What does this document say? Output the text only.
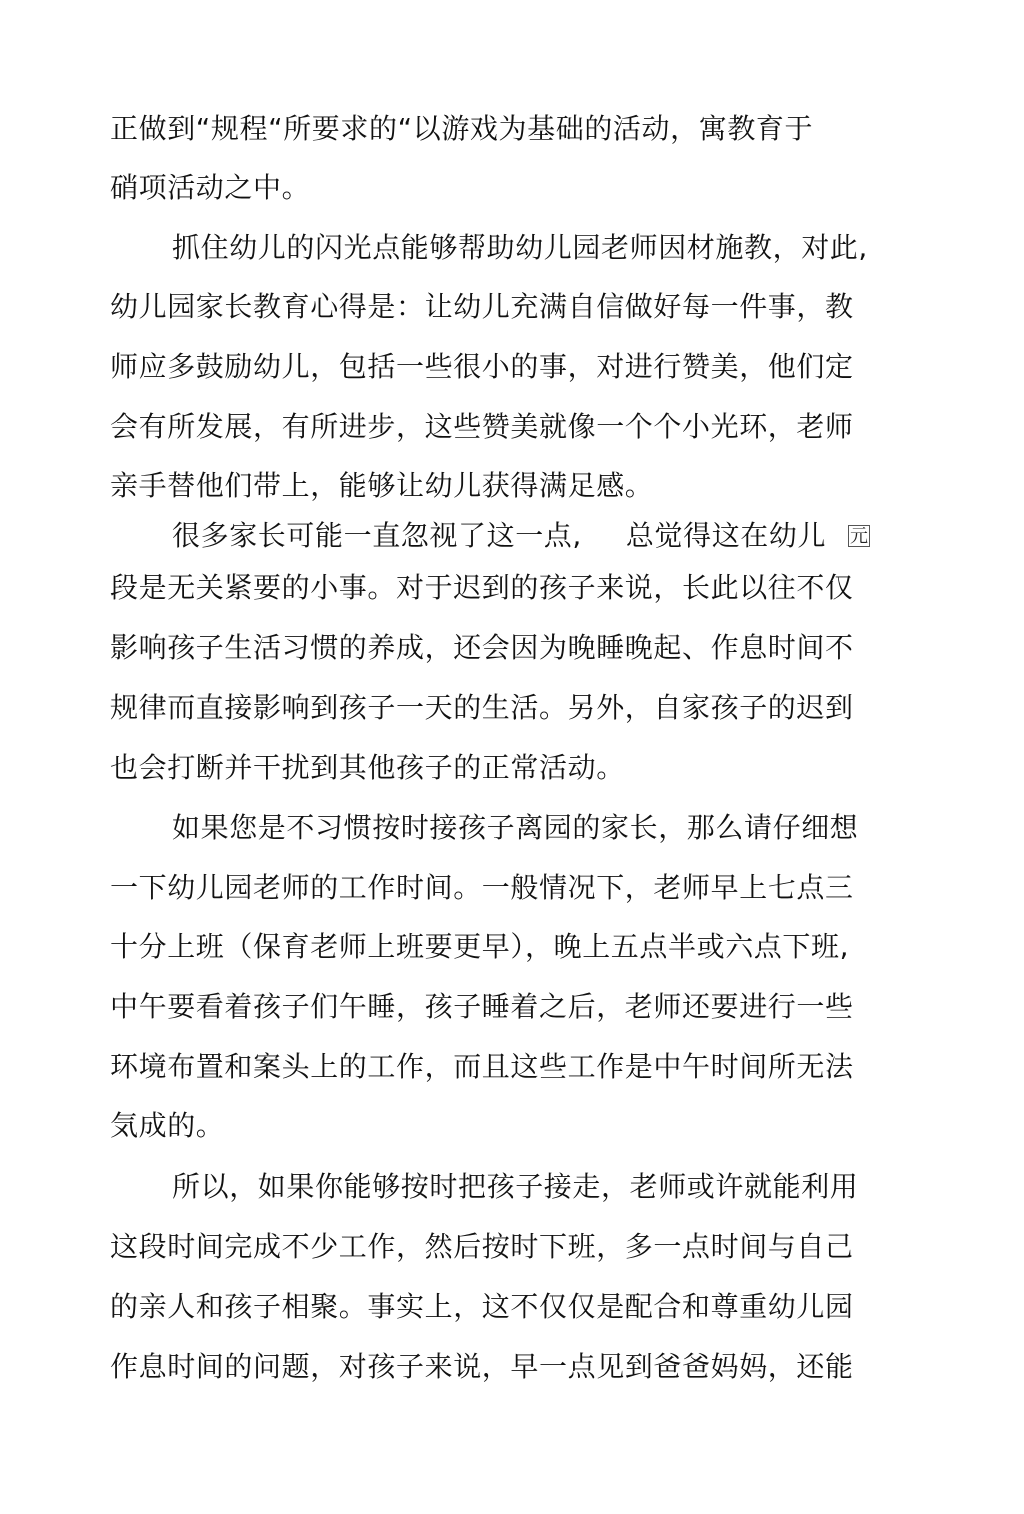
正做到“规程“所要求的“以游戏为基础的活动，寓教育于
硝项活动之中。
抓住幼儿的闪光点能够帮助幼儿园老师因材施教，对此,
幼儿园家长教育心得是：让幼儿充满自信做好每一件事，教
师应多鼓励幼儿，包括一些很小的事，对进行赞美，他们定
会有所发展，有所进步，这些赞美就像一个个小光环，老师
亲手替他们带上，能够让幼儿获得满足感。
很多家长可能一直忽视了这一点, 总觉得这在幼儿 元
段是无关紧要的小事。对于迟到的孩子来说，长此以往不仅
影响孩子生活习惯的养成，还会因为晚睡晚起、作息时间不
规律而直接影响到孩子一天的生活。另外，自家孩子的迟到
也会打断并干扰到其他孩子的正常活动。
如果您是不习惯按时接孩子离园的家长，那么请仔细想
一下幼儿园老师的工作时间。一般情况下，老师早上七点三
十分上班（保育老师上班要更早），晚上五点半或六点下班,
中午要看着孩子们午睡，孩子睡着之后，老师还要进行一些
环境布置和案头上的工作，而且这些工作是中午时间所无法
気成的。
所以，如果你能够按时把孩子接走，老师或许就能利用
这段时间完成不少工作，然后按时下班，多一点时间与自己
的亲人和孩子相聚。事实上，这不仅仅是配合和尊重幼儿园
作息时间的问题，对孩子来说，早一点见到爸爸妈妈，还能
